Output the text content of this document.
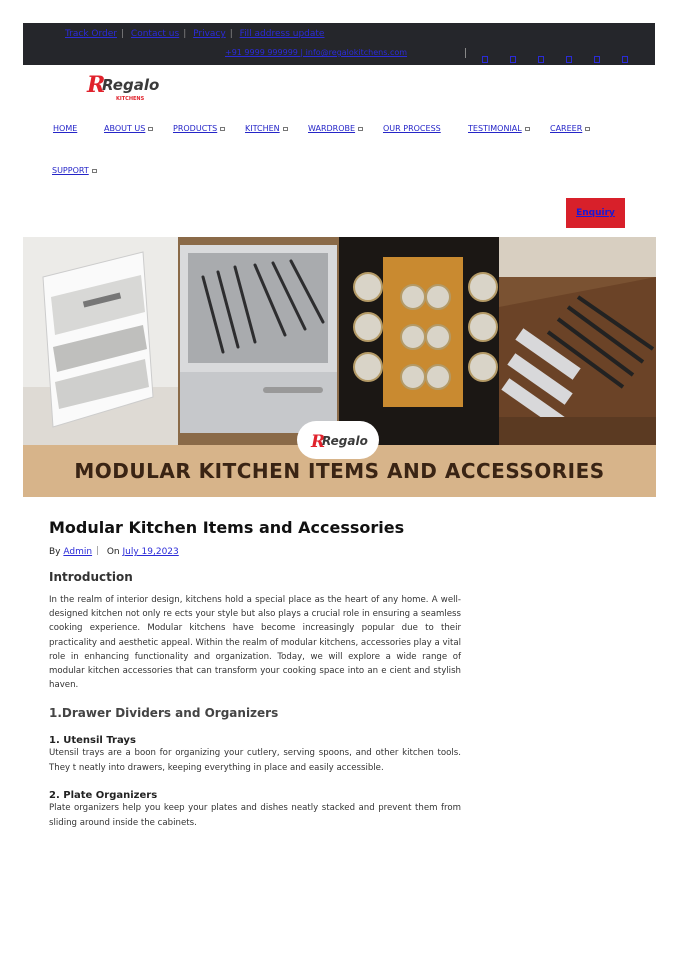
Track Order | Contact us | Privacy | Fill address update
+91 9999 999999 | info@regalokitchens.com
R
Regalo
KITCHENS
HOME	ABOUT US	PRODUCTS	KITCHEN	WARDROBE	OUR PROCESS	TESTIMONIAL	CAREER
SUPPORT
Enquiry
MODULAR KITCHEN ITEMS AND ACCESSORIES
R
Regalo
Modular Kitchen Items and Accessories
By Admin On July 19,2023
Introduction

In the realm of interior design, kitchens hold a special place as the heart of any home. A well- designed kitchen not only re ects your style but also plays a crucial role in ensuring a seamless cooking experience. Modular kitchens have become increasingly popular due to their practicality and aesthetic appeal. Within the realm of modular kitchens, accessories play a vital role in enhancing functionality and organization. Today, we will explore a wide range of modular kitchen accessories that can transform your cooking space into an e cient and stylish haven.

1.Drawer Dividers and Organizers
1. Utensil Trays

Utensil trays are a boon for organizing your cutlery, serving spoons, and other kitchen tools. They t neatly into drawers, keeping everything in place and easily accessible.

2. Plate Organizers

Plate organizers help you keep your plates and dishes neatly stacked and prevent them from sliding around inside the cabinets.
